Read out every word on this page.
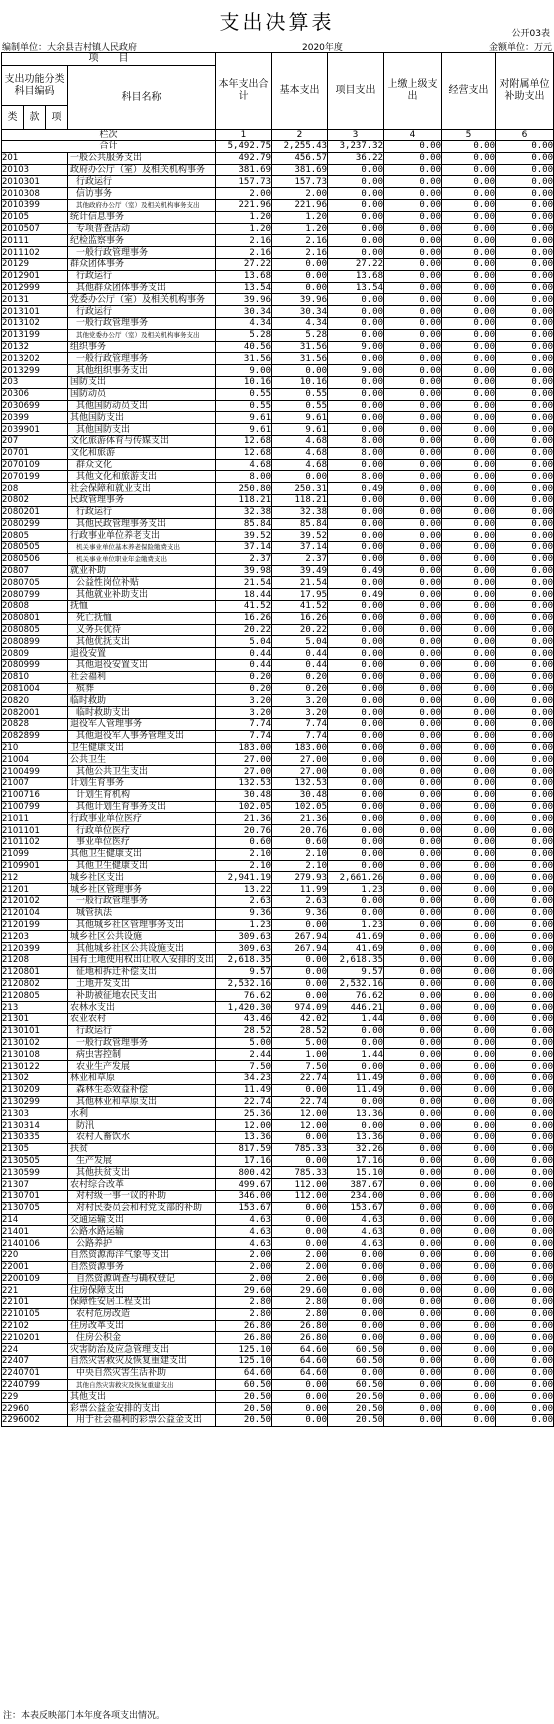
支出决算表	公开03表
编制单位：大余县吉村镇人民政府	2020年度	金额单位：万元
项　　目				本年支出合计	基本支出	项目支出	上缴上级支出	经营支出	对附属单位补助支出
支出功能分类科目编码			科目名称						
类	款	项							
栏次				1	2	3	4	5	6
合计				5,492.75	2,255.43	3,237.32	0.00	0.00	0.00
201			一般公共服务支出	492.79	456.57	36.22	0.00	0.00	0.00
20103			政府办公厅（室）及相关机构事务	381.69	381.69	0.00	0.00	0.00	0.00
2010301			行政运行	157.73	157.73	0.00	0.00	0.00	0.00
2010308			信访事务	2.00	2.00	0.00	0.00	0.00	0.00
2010399			其他政府办公厅（室）及相关机构事务支出	221.96	221.96	0.00	0.00	0.00	0.00
20105			统计信息事务	1.20	1.20	0.00	0.00	0.00	0.00
2010507			专项普查活动	1.20	1.20	0.00	0.00	0.00	0.00
20111			纪检监察事务	2.16	2.16	0.00	0.00	0.00	0.00
2011102			一般行政管理事务	2.16	2.16	0.00	0.00	0.00	0.00
20129			群众团体事务	27.22	0.00	27.22	0.00	0.00	0.00
2012901			行政运行	13.68	0.00	13.68	0.00	0.00	0.00
2012999			其他群众团体事务支出	13.54	0.00	13.54	0.00	0.00	0.00
20131			党委办公厅（室）及相关机构事务	39.96	39.96	0.00	0.00	0.00	0.00
2013101			行政运行	30.34	30.34	0.00	0.00	0.00	0.00
2013102			一般行政管理事务	4.34	4.34	0.00	0.00	0.00	0.00
2013199			其他党委办公厅（室）及相关机构事务支出	5.28	5.28	0.00	0.00	0.00	0.00
20132			组织事务	40.56	31.56	9.00	0.00	0.00	0.00
2013202			一般行政管理事务	31.56	31.56	0.00	0.00	0.00	0.00
2013299			其他组织事务支出	9.00	0.00	9.00	0.00	0.00	0.00
203			国防支出	10.16	10.16	0.00	0.00	0.00	0.00
20306			国防动员	0.55	0.55	0.00	0.00	0.00	0.00
2030699			其他国防动员支出	0.55	0.55	0.00	0.00	0.00	0.00
20399			其他国防支出	9.61	9.61	0.00	0.00	0.00	0.00
2039901			其他国防支出	9.61	9.61	0.00	0.00	0.00	0.00
207			文化旅游体育与传媒支出	12.68	4.68	8.00	0.00	0.00	0.00
20701			文化和旅游	12.68	4.68	8.00	0.00	0.00	0.00
2070109			群众文化	4.68	4.68	0.00	0.00	0.00	0.00
2070199			其他文化和旅游支出	8.00	0.00	8.00	0.00	0.00	0.00
208			社会保障和就业支出	250.80	250.31	0.49	0.00	0.00	0.00
20802			民政管理事务	118.21	118.21	0.00	0.00	0.00	0.00
2080201			行政运行	32.38	32.38	0.00	0.00	0.00	0.00
2080299			其他民政管理事务支出	85.84	85.84	0.00	0.00	0.00	0.00
20805			行政事业单位养老支出	39.52	39.52	0.00	0.00	0.00	0.00
2080505			机关事业单位基本养老保险缴费支出	37.14	37.14	0.00	0.00	0.00	0.00
2080506			机关事业单位职业年金缴费支出	2.37	2.37	0.00	0.00	0.00	0.00
20807			就业补助	39.98	39.49	0.49	0.00	0.00	0.00
2080705			公益性岗位补贴	21.54	21.54	0.00	0.00	0.00	0.00
2080799			其他就业补助支出	18.44	17.95	0.49	0.00	0.00	0.00
20808			抚恤	41.52	41.52	0.00	0.00	0.00	0.00
2080801			死亡抚恤	16.26	16.26	0.00	0.00	0.00	0.00
2080805			义务兵优待	20.22	20.22	0.00	0.00	0.00	0.00
2080899			其他优抚支出	5.04	5.04	0.00	0.00	0.00	0.00
20809			退役安置	0.44	0.44	0.00	0.00	0.00	0.00
2080999			其他退役安置支出	0.44	0.44	0.00	0.00	0.00	0.00
20810			社会福利	0.20	0.20	0.00	0.00	0.00	0.00
2081004			殡葬	0.20	0.20	0.00	0.00	0.00	0.00
20820			临时救助	3.20	3.20	0.00	0.00	0.00	0.00
2082001			临时救助支出	3.20	3.20	0.00	0.00	0.00	0.00
20828			退役军人管理事务	7.74	7.74	0.00	0.00	0.00	0.00
2082899			其他退役军人事务管理支出	7.74	7.74	0.00	0.00	0.00	0.00
210			卫生健康支出	183.00	183.00	0.00	0.00	0.00	0.00
21004			公共卫生	27.00	27.00	0.00	0.00	0.00	0.00
2100499			其他公共卫生支出	27.00	27.00	0.00	0.00	0.00	0.00
21007			计划生育事务	132.53	132.53	0.00	0.00	0.00	0.00
2100716			计划生育机构	30.48	30.48	0.00	0.00	0.00	0.00
2100799			其他计划生育事务支出	102.05	102.05	0.00	0.00	0.00	0.00
21011			行政事业单位医疗	21.36	21.36	0.00	0.00	0.00	0.00
2101101			行政单位医疗	20.76	20.76	0.00	0.00	0.00	0.00
2101102			事业单位医疗	0.60	0.60	0.00	0.00	0.00	0.00
21099			其他卫生健康支出	2.10	2.10	0.00	0.00	0.00	0.00
2109901			其他卫生健康支出	2.10	2.10	0.00	0.00	0.00	0.00
212			城乡社区支出	2,941.19	279.93	2,661.26	0.00	0.00	0.00
21201			城乡社区管理事务	13.22	11.99	1.23	0.00	0.00	0.00
2120102			一般行政管理事务	2.63	2.63	0.00	0.00	0.00	0.00
2120104			城管执法	9.36	9.36	0.00	0.00	0.00	0.00
2120199			其他城乡社区管理事务支出	1.23	0.00	1.23	0.00	0.00	0.00
21203			城乡社区公共设施	309.63	267.94	41.69	0.00	0.00	0.00
2120399			其他城乡社区公共设施支出	309.63	267.94	41.69	0.00	0.00	0.00
21208			国有土地使用权出让收入安排的支出	2,618.35	0.00	2,618.35	0.00	0.00	0.00
2120801			征地和拆迁补偿支出	9.57	0.00	9.57	0.00	0.00	0.00
2120802			土地开发支出	2,532.16	0.00	2,532.16	0.00	0.00	0.00
2120805			补助被征地农民支出	76.62	0.00	76.62	0.00	0.00	0.00
213			农林水支出	1,420.30	974.09	446.21	0.00	0.00	0.00
21301			农业农村	43.46	42.02	1.44	0.00	0.00	0.00
2130101			行政运行	28.52	28.52	0.00	0.00	0.00	0.00
2130102			一般行政管理事务	5.00	5.00	0.00	0.00	0.00	0.00
2130108			病虫害控制	2.44	1.00	1.44	0.00	0.00	0.00
2130122			农业生产发展	7.50	7.50	0.00	0.00	0.00	0.00
21302			林业和草原	34.23	22.74	11.49	0.00	0.00	0.00
2130209			森林生态效益补偿	11.49	0.00	11.49	0.00	0.00	0.00
2130299			其他林业和草原支出	22.74	22.74	0.00	0.00	0.00	0.00
21303			水利	25.36	12.00	13.36	0.00	0.00	0.00
2130314			防汛	12.00	12.00	0.00	0.00	0.00	0.00
2130335			农村人畜饮水	13.36	0.00	13.36	0.00	0.00	0.00
21305			扶贫	817.59	785.33	32.26	0.00	0.00	0.00
2130505			生产发展	17.16	0.00	17.16	0.00	0.00	0.00
2130599			其他扶贫支出	800.42	785.33	15.10	0.00	0.00	0.00
21307			农村综合改革	499.67	112.00	387.67	0.00	0.00	0.00
2130701			对村级一事一议的补助	346.00	112.00	234.00	0.00	0.00	0.00
2130705			对村民委员会和村党支部的补助	153.67	0.00	153.67	0.00	0.00	0.00
214			交通运输支出	4.63	0.00	4.63	0.00	0.00	0.00
21401			公路水路运输	4.63	0.00	4.63	0.00	0.00	0.00
2140106			公路养护	4.63	0.00	4.63	0.00	0.00	0.00
220			自然资源海洋气象等支出	2.00	2.00	0.00	0.00	0.00	0.00
22001			自然资源事务	2.00	2.00	0.00	0.00	0.00	0.00
2200109			自然资源调查与确权登记	2.00	2.00	0.00	0.00	0.00	0.00
221			住房保障支出	29.60	29.60	0.00	0.00	0.00	0.00
22101			保障性安居工程支出	2.80	2.80	0.00	0.00	0.00	0.00
2210105			农村危房改造	2.80	2.80	0.00	0.00	0.00	0.00
22102			住房改革支出	26.80	26.80	0.00	0.00	0.00	0.00
2210201			住房公积金	26.80	26.80	0.00	0.00	0.00	0.00
224			灾害防治及应急管理支出	125.10	64.60	60.50	0.00	0.00	0.00
22407			自然灾害救灾及恢复重建支出	125.10	64.60	60.50	0.00	0.00	0.00
2240701			中央自然灾害生活补助	64.60	64.60	0.00	0.00	0.00	0.00
2240799			其他自然灾害救灾及恢复重建支出	60.50	0.00	60.50	0.00	0.00	0.00
229			其他支出	20.50	0.00	20.50	0.00	0.00	0.00
22960			彩票公益金安排的支出	20.50	0.00	20.50	0.00	0.00	0.00
2296002			用于社会福利的彩票公益金支出	20.50	0.00	20.50	0.00	0.00	0.00
注：本表反映部门本年度各项支出情况。
